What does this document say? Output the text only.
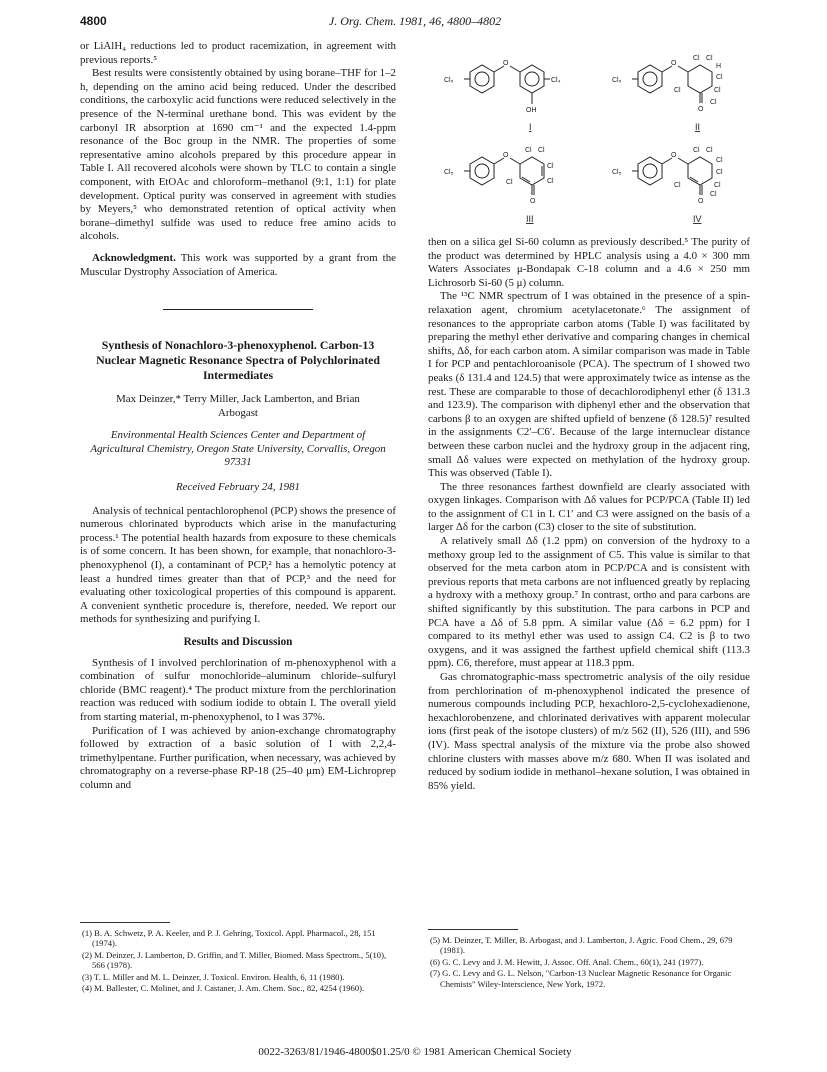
4800	J. Org. Chem. 1981, 46, 4800–4802

or LiAlH₄ reductions led to product racemization, in agreement with previous reports.⁵

Best results were consistently obtained by using borane–THF for 1–2 h, depending on the amino acid being reduced. Under the described conditions, the carboxylic acid functions were reduced selectively in the presence of the N-terminal urethane bond. This was evident by the carbonyl IR absorption at 1690 cm⁻¹ and the expected 1.4-ppm resonance of the Boc group in the NMR. The properties of some representative amino alcohols prepared by this procedure appear in Table I. All recovered alcohols were shown by TLC to contain a single component, with EtOAc and chloroform–methanol (9:1, 1:1) for plate development. Optical purity was conserved in agreement with studies by Meyers,⁵ who demonstrated retention of optical activity when borane–dimethyl sulfide was used to reduce free amino acids to alcohols.

Acknowledgment. This work was supported by a grant from the Muscular Dystrophy Association of America.

Synthesis of Nonachloro-3-phenoxyphenol. Carbon-13 Nuclear Magnetic Resonance Spectra of Polychlorinated Intermediates
Max Deinzer,* Terry Miller, Jack Lamberton, and Brian Arbogast
Environmental Health Sciences Center and Department of Agricultural Chemistry, Oregon State University, Corvallis, Oregon 97331
Received February 24, 1981

Analysis of technical pentachlorophenol (PCP) shows the presence of numerous chlorinated byproducts which arise in the manufacturing process.¹ The potential health hazards from exposure to these chemicals is of some concern. It has been shown, for example, that nonachloro-3-phenoxyphenol (I), a contaminant of PCP,² has a hemolytic potency at least a hundred times greater than that of PCP,³ and the need for evaluating other toxicological properties of this compound is apparent. A convenient synthetic procedure is, therefore, needed. We report our methods for synthesizing and purifying I.

Results and Discussion

Synthesis of I involved perchlorination of m-phenoxyphenol with a combination of sulfur monochloride–aluminum chloride–sulfuryl chloride (BMC reagent).⁴ The product mixture from the perchlorination reaction was reduced with sodium iodide to obtain I. The overall yield from starting material, m-phenoxyphenol, to I was 37%.

Purification of I was achieved by anion-exchange chromatography followed by extraction of a basic solution of I with 2,2,4-trimethylpentane. Further purification, when necessary, was achieved by chromatography on a reverse-phase RP-18 (25–40 μm) EM-Lichroprep column and

Cl₅
O
Cl₄
OH
Cl₅
O
Cl Cl
H
Cl
Cl
Cl
O
Cl
Cl₅
O
Cl Cl
Cl
Cl
Cl
O
Cl₅
O
Cl Cl
Cl
Cl
Cl
Cl
O
Cl
I	II
III	IV

then on a silica gel Si-60 column as previously described.⁵ The purity of the product was determined by HPLC analysis using a 4.0 × 300 mm Waters Associates μ-Bondapak C-18 column and a 4.6 × 250 mm Lichrosorb Si-60 (5 μ) column.

The ¹³C NMR spectrum of I was obtained in the presence of a spin-relaxation agent, chromium acetylacetonate.⁶ The assignment of resonances to the appropriate carbon atoms (Table I) was facilitated by preparing the methyl ether derivative and comparing changes in chemical shifts, Δδ, for each carbon atom. A similar comparison was made in Table I for PCP and pentachloroanisole (PCA). The spectrum of I showed two peaks (δ 131.4 and 124.5) that were approximately twice as intense as the rest. These are comparable to those of decachlorodiphenyl ether (δ 131.3 and 123.9). The comparison with diphenyl ether and the observation that carbons β to an oxygen are shifted upfield of benzene (δ 128.5)⁷ resulted in the assignments C2′–C6′. Because of the large internuclear distance between these carbon nuclei and the hydroxy group in the adjacent ring, small Δδ values were expected on methylation of the hydroxy group. This was observed (Table I).

The three resonances farthest downfield are clearly associated with oxygen linkages. Comparison with Δδ values for PCP/PCA (Table II) led to the assignment of C1 in I. C1′ and C3 were assigned on the basis of a larger Δδ for the carbon (C3) closer to the site of substitution.

A relatively small Δδ (1.2 ppm) on conversion of the hydroxy to a methoxy group led to the assignment of C5. This value is similar to that observed for the meta carbon atom in PCP/PCA and is consistent with previous reports that meta carbons are not influenced greatly by replacing a hydroxy with a methoxy group.⁷ In contrast, ortho and para carbons are shifted significantly by this substitution. The para carbons in PCP and PCA have a Δδ of 5.8 ppm. A similar value (Δδ = 6.2 ppm) for I compared to its methyl ether was used to assign C4. C2 is β to two oxygens, and it was assigned the farthest upfield chemical shift (113.3 ppm). C6, therefore, must appear at 118.3 ppm.

Gas chromatographic-mass spectrometric analysis of the oily residue from perchlorination of m-phenoxyphenol indicated the presence of numerous compounds including PCP, hexachloro-2,5-cyclohexadienone, hexachlorobenzene, and chlorinated derivatives with apparent molecular ions (first peak of the isotope clusters) of m/z 562 (II), 526 (III), and 596 (IV). Mass spectral analysis of the mixture via the probe also showed chlorine clusters with masses above m/z 680. When II was isolated and reduced by sodium iodide in methanol–hexane solution, I was obtained in 85% yield.

(1) B. A. Schwetz, P. A. Keeler, and P. J. Gehring, Toxicol. Appl. Pharmacol., 28, 151 (1974).
(2) M. Deinzer, J. Lamberton, D. Griffin, and T. Miller, Biomed. Mass Spectrom., 5(10), 566 (1978).
(3) T. L. Miller and M. L. Deinzer, J. Toxicol. Environ. Health, 6, 11 (1980).
(4) M. Ballester, C. Molinet, and J. Castaner, J. Am. Chem. Soc., 82, 4254 (1960).
(5) M. Deinzer, T. Miller, B. Arbogast, and J. Lamberton, J. Agric. Food Chem., 29, 679 (1981).
(6) G. C. Levy and J. M. Hewitt, J. Assoc. Off. Anal. Chem., 60(1), 241 (1977).
(7) G. C. Levy and G. L. Nelson, "Carbon-13 Nuclear Magnetic Resonance for Organic Chemists" Wiley-Interscience, New York, 1972.
0022-3263/81/1946-4800$01.25/0 © 1981 American Chemical Society
